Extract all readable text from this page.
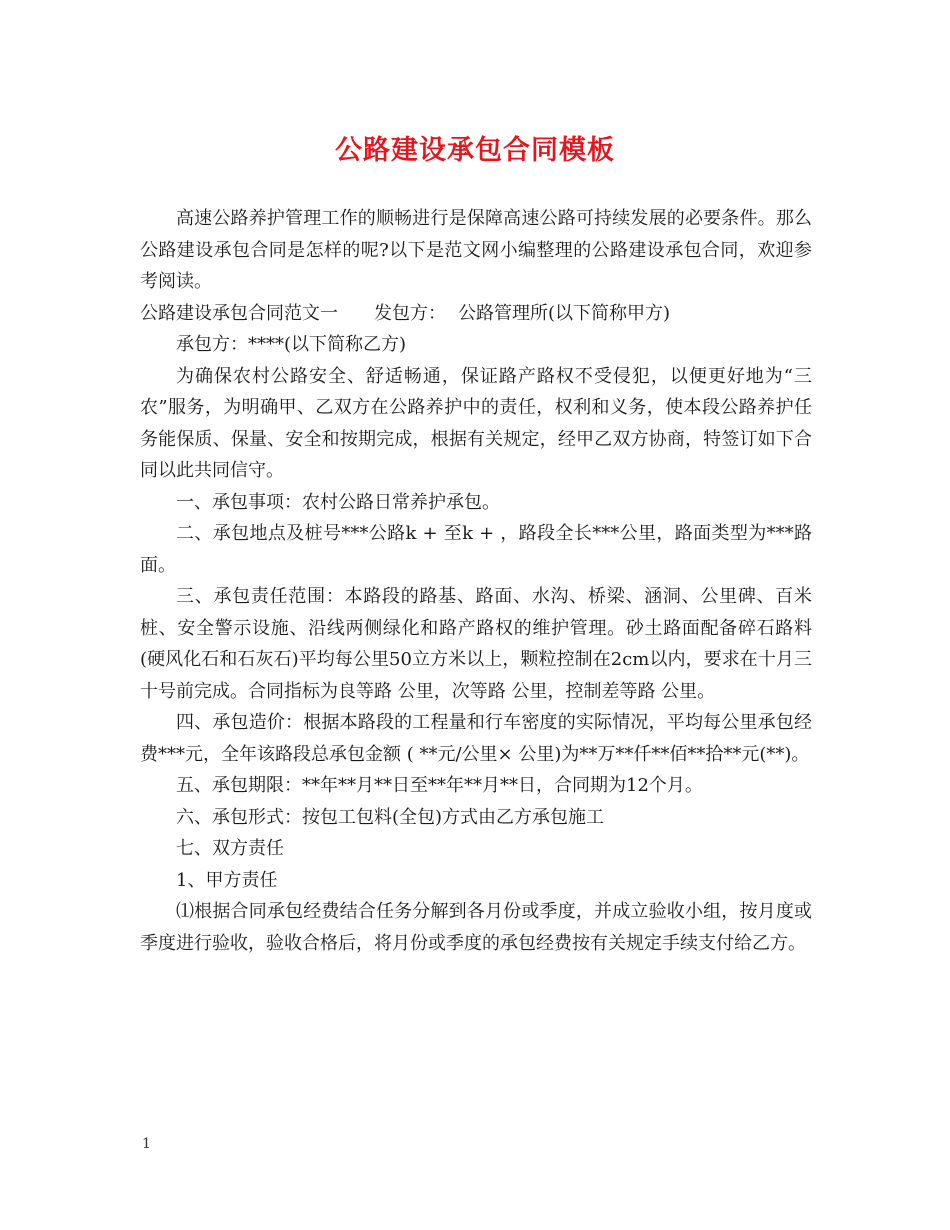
公路建设承包合同模板

高速公路养护管理工作的顺畅进行是保障高速公路可持续发展的必要条件。那么公路建设承包合同是怎样的呢?以下是范文网小编整理的公路建设承包合同，欢迎参考阅读。

公路建设承包合同范文一 发包方： 公路管理所(以下简称甲方)

承包方：****(以下简称乙方)

为确保农村公路安全、舒适畅通，保证路产路权不受侵犯，以便更好地为“三农”服务，为明确甲、乙双方在公路养护中的责任，权利和义务，使本段公路养护任务能保质、保量、安全和按期完成，根据有关规定，经甲乙双方协商，特签订如下合同以此共同信守。

一、承包事项：农村公路日常养护承包。

二、承包地点及桩号***公路k + 至k + ，路段全长***公里，路面类型为***路面。

三、承包责任范围：本路段的路基、路面、水沟、桥梁、涵洞、公里碑、百米桩、安全警示设施、沿线两侧绿化和路产路权的维护管理。砂土路面配备碎石路料(硬风化石和石灰石)平均每公里50立方米以上，颗粒控制在2cm以内，要求在十月三十号前完成。合同指标为良等路 公里，次等路 公里，控制差等路 公里。

四、承包造价：根据本路段的工程量和行车密度的实际情况，平均每公里承包经费***元，全年该路段总承包金额 ( **元/公里× 公里)为**万**仟**佰**拾**元(**)。

五、承包期限：**年**月**日至**年**月**日，合同期为12个月。

六、承包形式：按包工包料(全包)方式由乙方承包施工

七、双方责任

1、甲方责任

⑴根据合同承包经费结合任务分解到各月份或季度，并成立验收小组，按月度或季度进行验收，验收合格后，将月份或季度的承包经费按有关规定手续支付给乙方。

1
